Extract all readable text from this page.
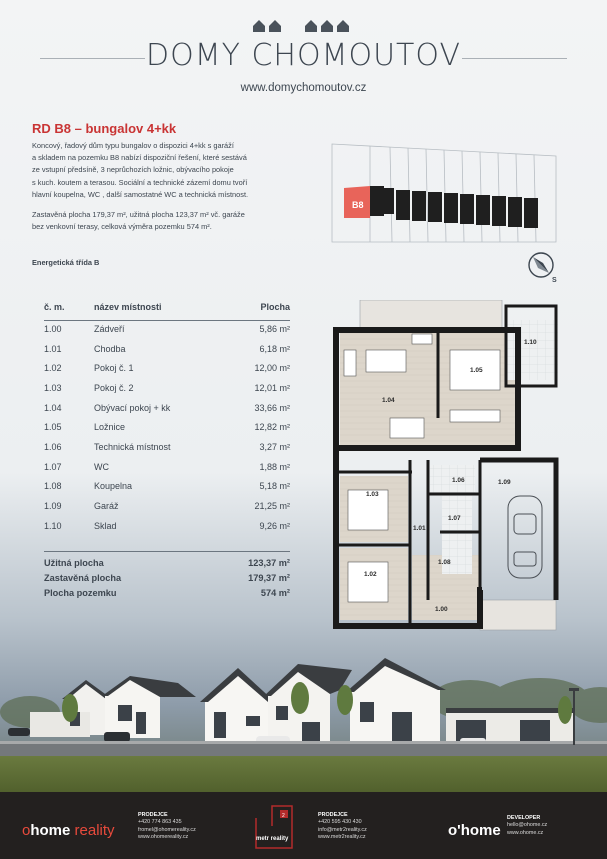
DOMY CHOMOUTOV
www.domychomoutov.cz
RD B8 – bungalov 4+kk
Koncový, řadový dům typu bungalov o dispozici 4+kk s garáží
a skladem na pozemku B8 nabízí dispoziční řešení, které sestává
ze vstupní předsíně, 3 neprůchozích ložnic, obývacího pokoje
s kuch. koutem a terasou. Sociální a technické zázemí domu tvoří
hlavní koupelna, WC , další samostatné WC a technická místnost.
Zastavěná plocha 179,37 m², užitná plocha 123,37 m² vč. garáže
bez venkovní terasy, celková výměra pozemku 574 m².
Energetická třída B
B8
S
č. m.	název místnosti	Plocha
1.00	Zádveří	5,86 m²
1.01	Chodba	6,18 m²
1.02	Pokoj č. 1	12,00 m²
1.03	Pokoj č. 2	12,01 m²
1.04	Obývací pokoj + kk	33,66 m²
1.05	Ložnice	12,82 m²
1.06	Technická místnost	3,27 m²
1.07	WC	1,88 m²
1.08	Koupelna	5,18 m²
1.09	Garáž	21,25 m²
1.10	Sklad	9,26 m²
Užitná plocha	123,37 m²
Zastavěná plocha	179,37 m²
Plocha pozemku	574 m²
1.04
1.05
1.10
1.03
1.06	1.09
1.07
1.01
1.08
1.02
1.00
ohome reality
PRODEJCE
+420 774 863 435
fromel@ohomereality.cz
www.ohomereality.cz
2
metr reality
PRODEJCE
+420 595 430 430
info@metr2reality.cz
www.metr2reality.cz	o'home
DEVELOPER
hello@ohome.cz
www.ohome.cz
